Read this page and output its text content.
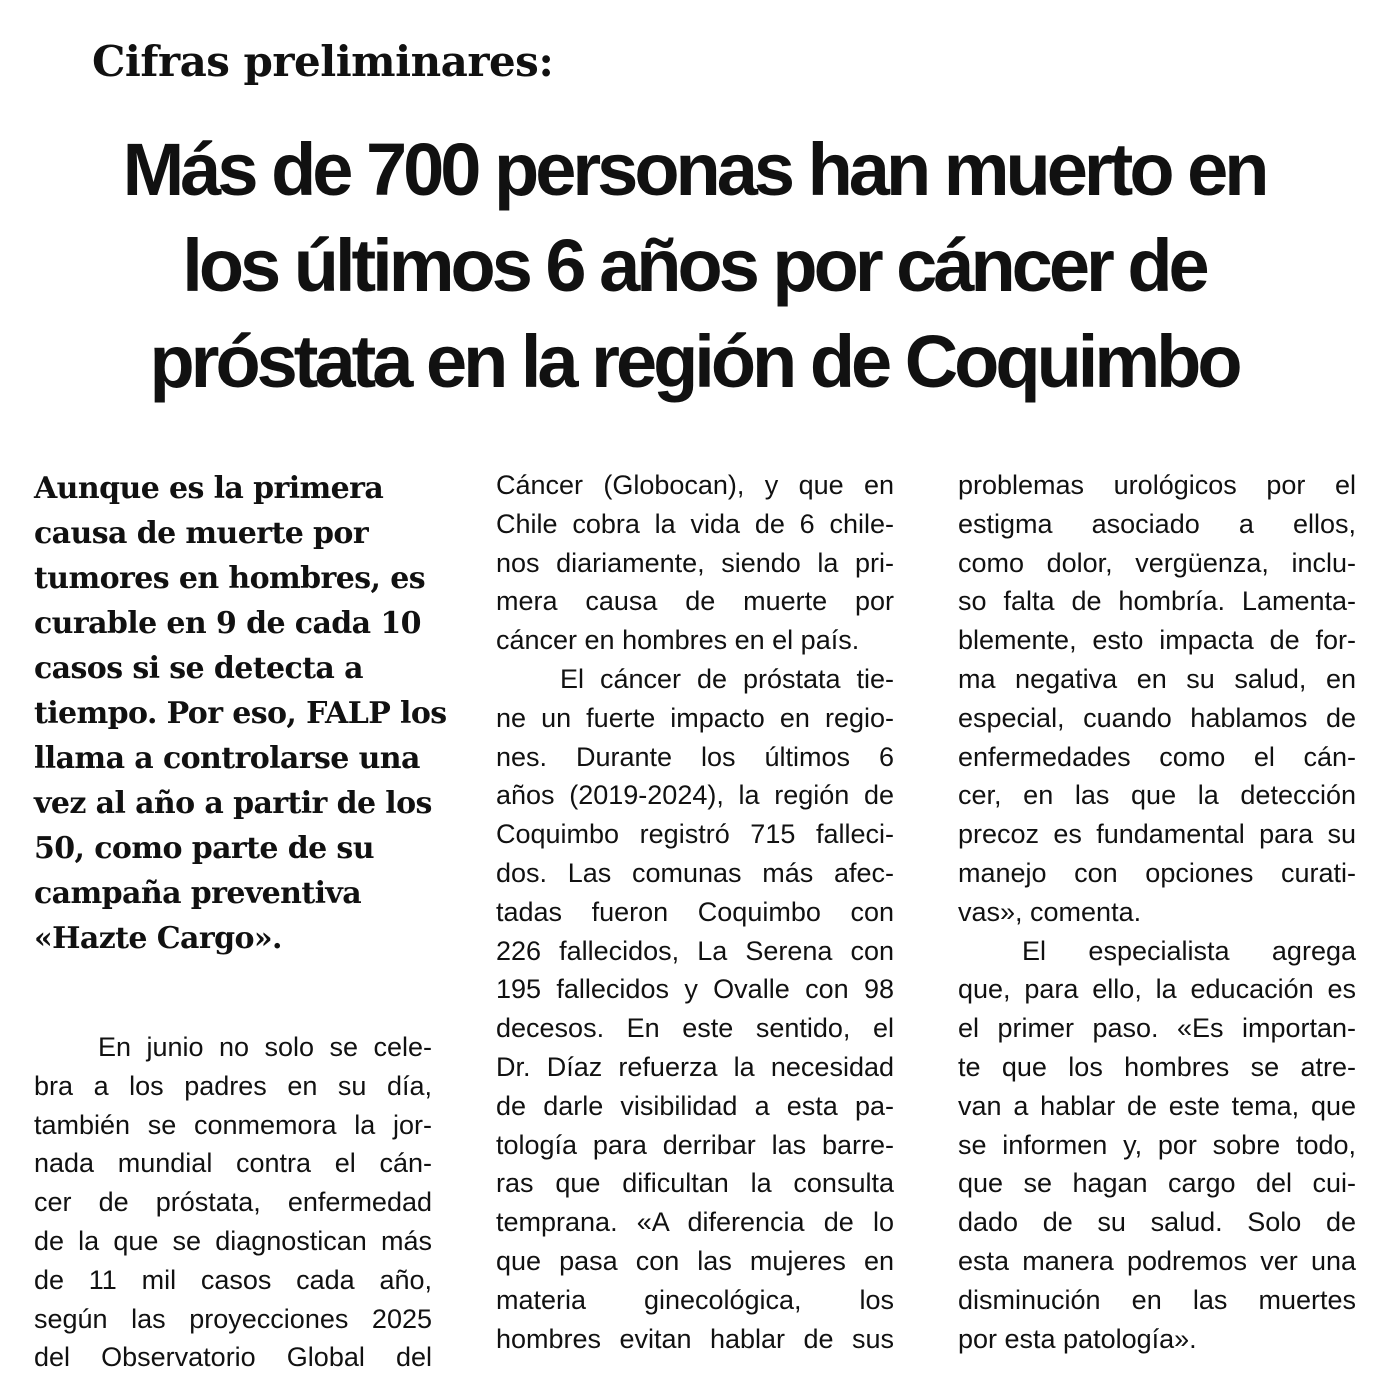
Cifras preliminares:
Más de 700 personas han muerto en
los últimos 6 años por cáncer de
próstata en la región de Coquimbo
Aunque es la primera
causa de muerte por
tumores en hombres, es
curable en 9 de cada 10
casos si se detecta a
tiempo. Por eso, FALP los
llama a controlarse una
vez al año a partir de los
50, como parte de su
campaña preventiva
«Hazte Cargo».
En junio no solo se cele-
bra a los padres en su día,
también se conmemora la jor-
nada mundial contra el cán-
cer de próstata, enfermedad
de la que se diagnostican más
de 11 mil casos cada año,
según las proyecciones 2025
del Observatorio Global del
Cáncer (Globocan), y que en
Chile cobra la vida de 6 chile-
nos diariamente, siendo la pri-
mera causa de muerte por
cáncer en hombres en el país.
El cáncer de próstata tie-
ne un fuerte impacto en regio-
nes. Durante los últimos 6
años (2019-2024), la región de
Coquimbo registró 715 falleci-
dos. Las comunas más afec-
tadas fueron Coquimbo con
226 fallecidos, La Serena con
195 fallecidos y Ovalle con 98
decesos. En este sentido, el
Dr. Díaz refuerza la necesidad
de darle visibilidad a esta pa-
tología para derribar las barre-
ras que dificultan la consulta
temprana. «A diferencia de lo
que pasa con las mujeres en
materia ginecológica, los
hombres evitan hablar de sus
problemas urológicos por el
estigma asociado a ellos,
como dolor, vergüenza, inclu-
so falta de hombría. Lamenta-
blemente, esto impacta de for-
ma negativa en su salud, en
especial, cuando hablamos de
enfermedades como el cán-
cer, en las que la detección
precoz es fundamental para su
manejo con opciones curati-
vas», comenta.
El especialista agrega
que, para ello, la educación es
el primer paso. «Es importan-
te que los hombres se atre-
van a hablar de este tema, que
se informen y, por sobre todo,
que se hagan cargo del cui-
dado de su salud. Solo de
esta manera podremos ver una
disminución en las muertes
por esta patología».
